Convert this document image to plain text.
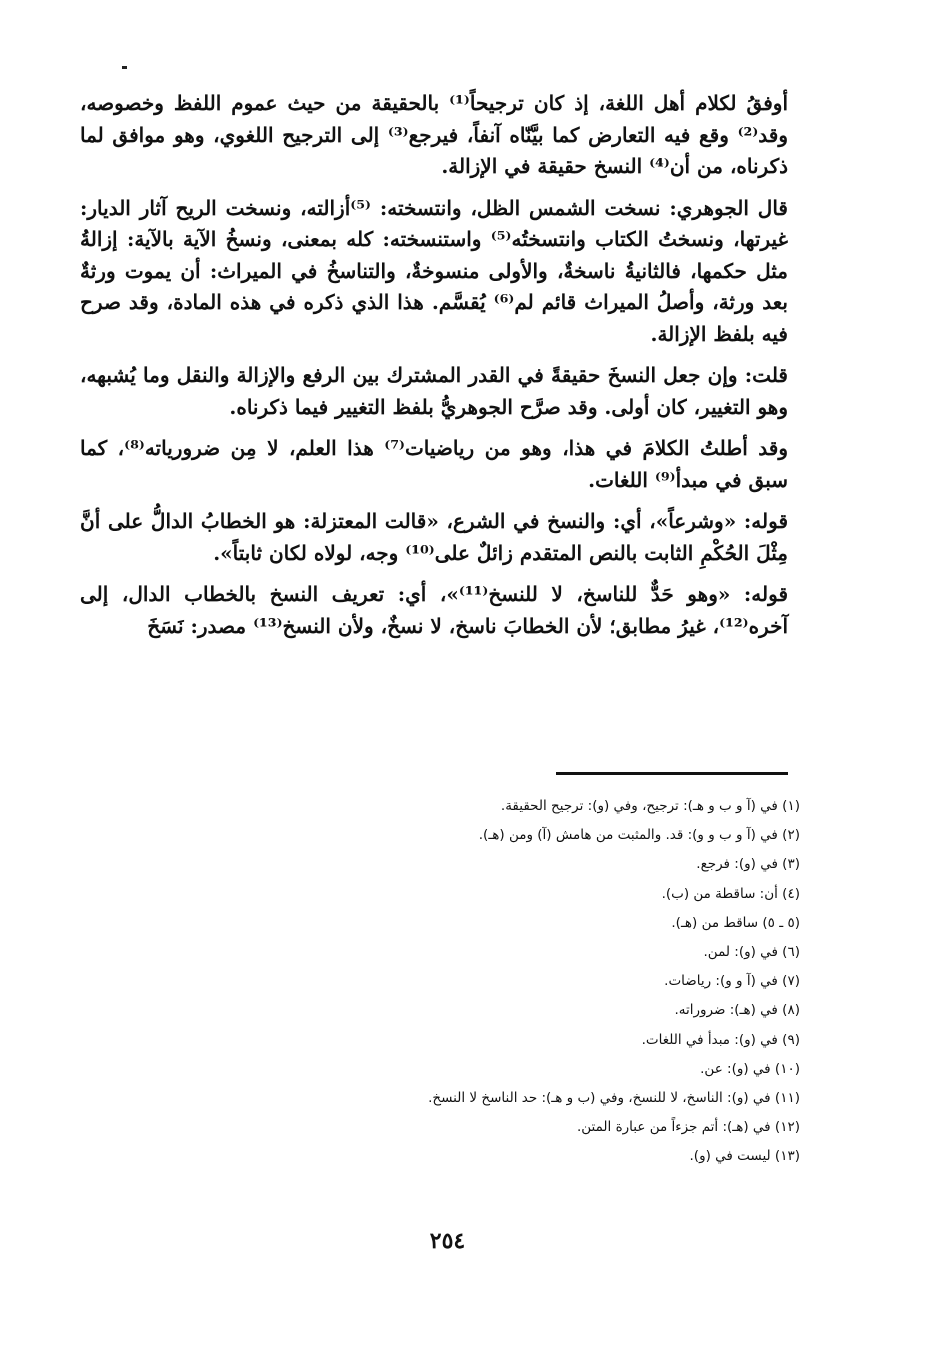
أوفقُ لكلام أهل اللغة، إذ كان ترجيحاً⁽¹⁾ بالحقيقة من حيث عموم اللفظ وخصوصه، وقد⁽²⁾ وقع فيه التعارض كما بيَّنّاه آنفاً، فيرجع⁽³⁾ إلى الترجيح اللغوي، وهو موافق لما ذكرناه، من أن⁽⁴⁾ النسخ حقيقة في الإزالة.

قال الجوهري: نسخت الشمس الظل، وانتسخته: ⁽⁵⁾أزالته، ونسخت الريح آثار الديار: غيرتها، ونسختُ الكتاب وانتسختُه⁽⁵⁾ واستنسخته: كله بمعنى، ونسخُ الآية بالآية: إزالةُ مثل حكمها، فالثانيةُ ناسخةٌ، والأولى منسوخةٌ، والتناسخُ في الميراث: أن يموت ورثةٌ بعد ورثة، وأصلُ الميراث قائم لم⁽⁶⁾ يُقسَّم. هذا الذي ذكره في هذه المادة، وقد صرح فيه بلفظ الإزالة.

قلت: وإن جعل النسخَ حقيقةً في القدر المشترك بين الرفع والإزالة والنقل وما يُشبهه، وهو التغيير، كان أولى. وقد صرَّح الجوهريُّ بلفظ التغيير فيما ذكرناه.

وقد أطلتُ الكلامَ في هذا، وهو من رياضيات⁽⁷⁾ هذا العلم، لا مِن ضرورياته⁽⁸⁾، كما سبق في مبدأ⁽⁹⁾ اللغات.

قوله: «وشرعاً»، أي: والنسخ في الشرع، «قالت المعتزلة: هو الخطابُ الدالُّ على أنَّ مِثْلَ الحُكْمِ الثابت بالنص المتقدم زائلٌ على⁽¹⁰⁾ وجه، لولاه لكان ثابتاً».

قوله: «وهو حَدٌّ للناسخ، لا للنسخ⁽¹¹⁾»، أي: تعريف النسخ بالخطاب الدال، إلى آخره⁽¹²⁾، غيرُ مطابق؛ لأن الخطابَ ناسخ، لا نسخٌ، ولأن النسخ⁽¹³⁾ مصدر: نَسَخَ

(١) في (آ و ب و هـ): ترجيح، وفي (و): ترجيح الحقيقة.
(٢) في (آ و ب و و): قد. والمثبت من هامش (آ) ومن (هـ).
(٣) في (و): فرجع.
(٤) أن: ساقطة من (ب).
(٥ ـ ٥) ساقط من (هـ).
(٦) في (و): لمن.
(٧) في (آ و و): رياضات.
(٨) في (هـ): ضروراته.
(٩) في (و): مبدأ في اللغات.
(١٠) في (و): عن.
(١١) في (و): الناسخ، لا للنسخ، وفي (ب و هـ): حد الناسخ لا النسخ.
(١٢) في (هـ): أتم جزءاً من عبارة المتن.
(١٣) ليست في (و).
٢٥٤
